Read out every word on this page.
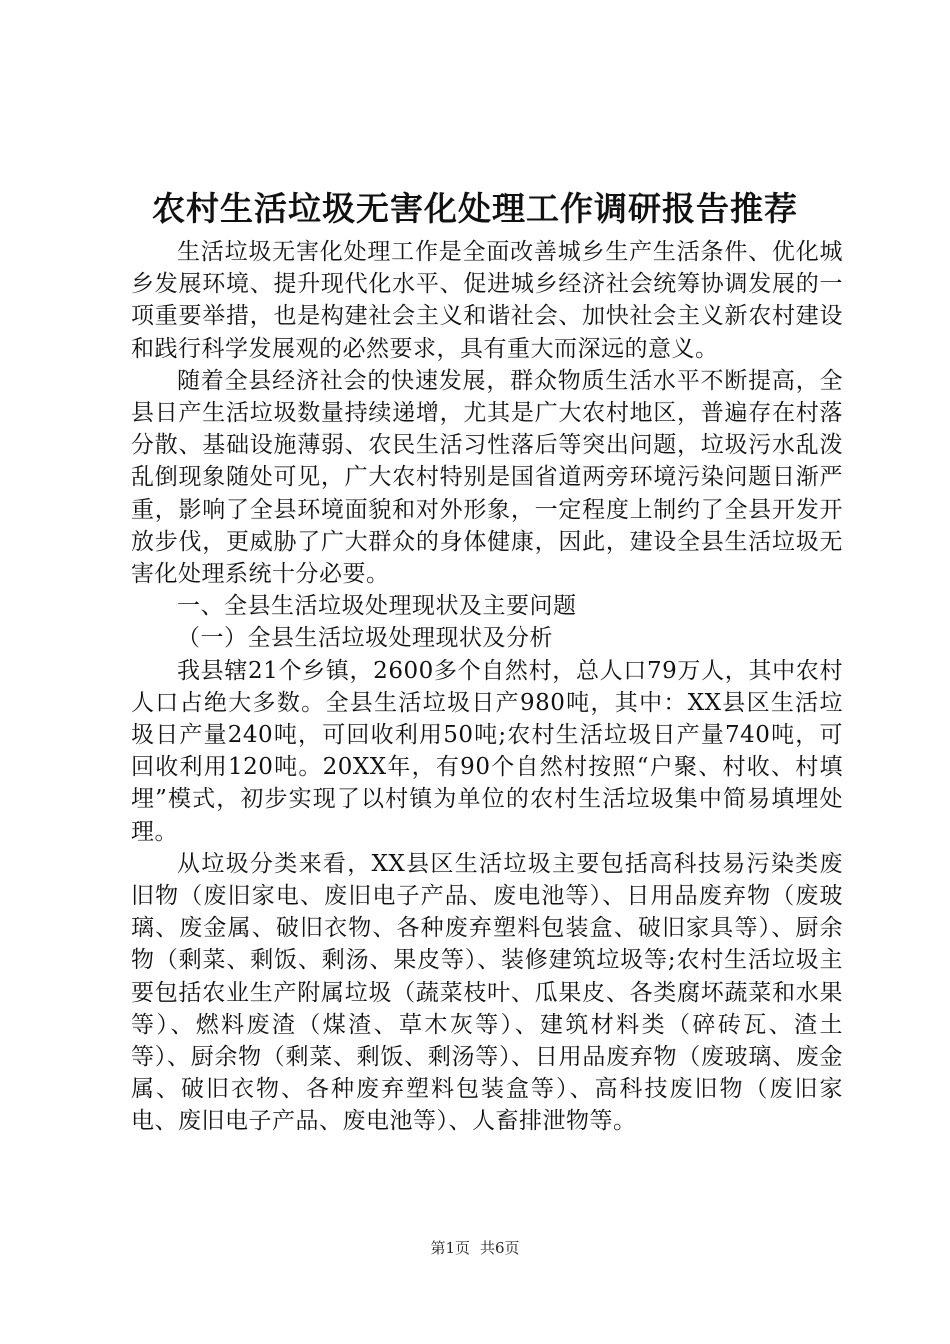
农村生活垃圾无害化处理工作调研报告推荐

生活垃圾无害化处理工作是全面改善城乡生产生活条件、优化城乡发展环境、提升现代化水平、促进城乡经济社会统筹协调发展的一项重要举措，也是构建社会主义和谐社会、加快社会主义新农村建设和践行科学发展观的必然要求，具有重大而深远的意义。

随着全县经济社会的快速发展，群众物质生活水平不断提高，全县日产生活垃圾数量持续递增，尤其是广大农村地区，普遍存在村落分散、基础设施薄弱、农民生活习性落后等突出问题，垃圾污水乱泼乱倒现象随处可见，广大农村特别是国省道两旁环境污染问题日渐严重，影响了全县环境面貌和对外形象，一定程度上制约了全县开发开放步伐，更威胁了广大群众的身体健康，因此，建设全县生活垃圾无害化处理系统十分必要。

一、全县生活垃圾处理现状及主要问题

（一）全县生活垃圾处理现状及分析

我县辖21个乡镇，2600多个自然村，总人口79万人，其中农村人口占绝大多数。全县生活垃圾日产980吨，其中：XX县区生活垃圾日产量240吨，可回收利用50吨;农村生活垃圾日产量740吨，可回收利用120吨。20XX年，有90个自然村按照“户聚、村收、村填埋”模式，初步实现了以村镇为单位的农村生活垃圾集中简易填埋处理。

从垃圾分类来看，XX县区生活垃圾主要包括高科技易污染类废旧物（废旧家电、废旧电子产品、废电池等）、日用品废弃物（废玻璃、废金属、破旧衣物、各种废弃塑料包装盒、破旧家具等）、厨余物（剩菜、剩饭、剩汤、果皮等）、装修建筑垃圾等;农村生活垃圾主要包括农业生产附属垃圾（蔬菜枝叶、瓜果皮、各类腐坏蔬菜和水果等）、燃料废渣（煤渣、草木灰等）、建筑材料类（碎砖瓦、渣土等）、厨余物（剩菜、剩饭、剩汤等）、日用品废弃物（废玻璃、废金属、破旧衣物、各种废弃塑料包装盒等）、高科技废旧物（废旧家电、废旧电子产品、废电池等）、人畜排泄物等。

第1页 共6页
